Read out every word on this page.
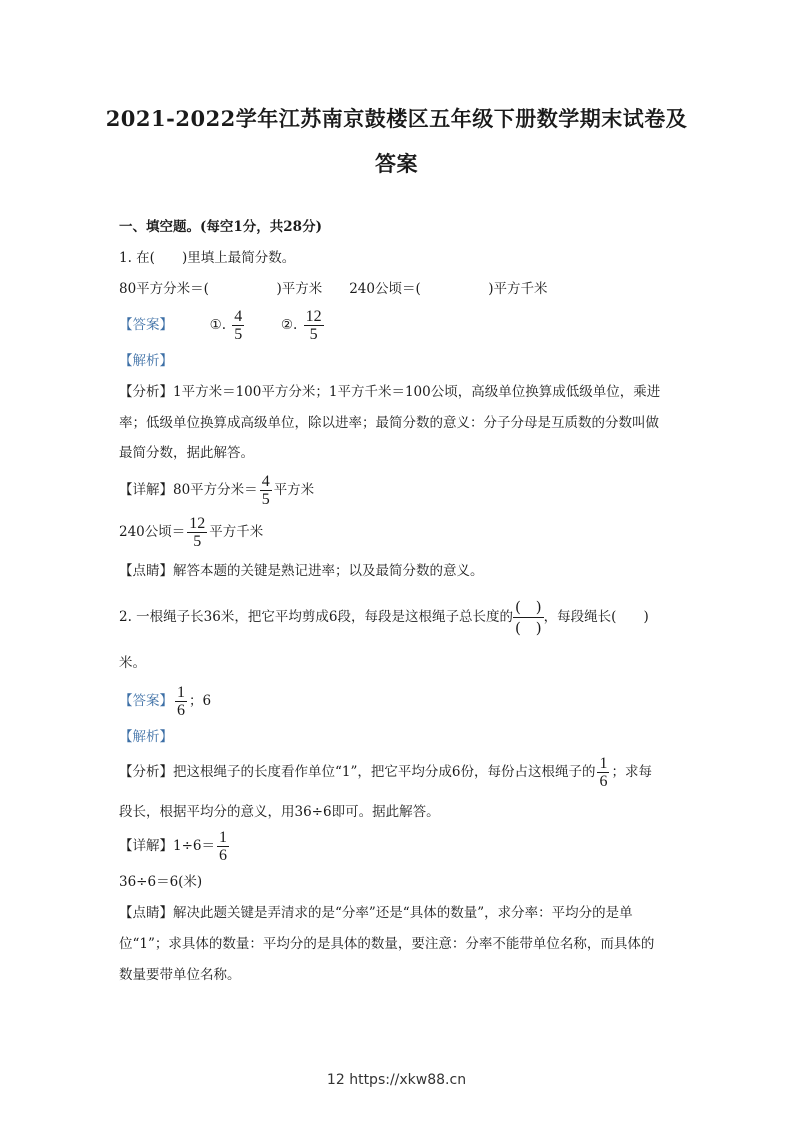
2021-2022学年江苏南京鼓楼区五年级下册数学期末试卷及
答案
一、填空题。(每空1分，共28分)
1. 在(　　)里填上最简分数。
80平方分米＝(　　　　　)平方米　　240公顷＝(　　　　　)平方千米
【答案】	①. $\frac{4}{5}$	②. $\frac{12}{5}$
【解析】
【分析】1平方米＝100平方分米；1平方千米＝100公顷，高级单位换算成低级单位，乘进
率；低级单位换算成高级单位，除以进率；最简分数的意义：分子分母是互质数的分数叫做
最简分数，据此解答。
【详解】80平方分米＝ $\frac{4}{5}$ 平方米
240公顷＝ $\frac{12}{5}$ 平方千米
【点睛】解答本题的关键是熟记进率；以及最简分数的意义。
2. 一根绳子长36米，把它平均剪成6段，每段是这根绳子总长度的 $\frac{( )}{( )}$，每段绳长(　　)
米。
【答案】 $\frac{1}{6}$ ；6
【解析】
【分析】把这根绳子的长度看作单位“1”，把它平均分成6份，每份占这根绳子的 $\frac{1}{6}$ ；求每
段长，根据平均分的意义，用36÷6即可。据此解答。
【详解】$1\div 6= \frac{1}{6}$
36÷6＝6(米)
【点睛】解决此题关键是弄清求的是“分率”还是“具体的数量”，求分率：平均分的是单
位“1”；求具体的数量：平均分的是具体的数量，要注意：分率不能带单位名称，而具体的
数量要带单位名称。
12 https://xkw88.cn
